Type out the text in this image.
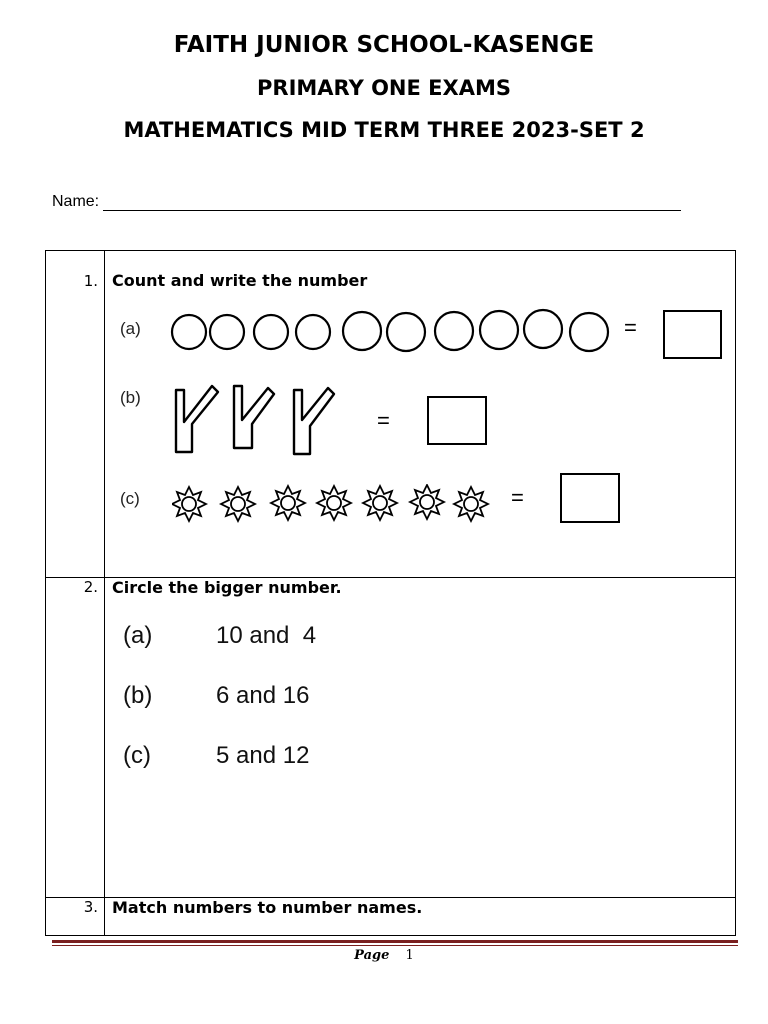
FAITH JUNIOR SCHOOL-KASENGE
PRIMARY ONE EXAMS
MATHEMATICS MID TERM THREE 2023-SET 2
Name:
1. Count and write the number
(a)	=
(b)
=
(c)	=
2. Circle the bigger number.
(a)	10 and  4
(b)	6 and 16
(c)	5 and 12
3. Match numbers to number names.
Page 1
